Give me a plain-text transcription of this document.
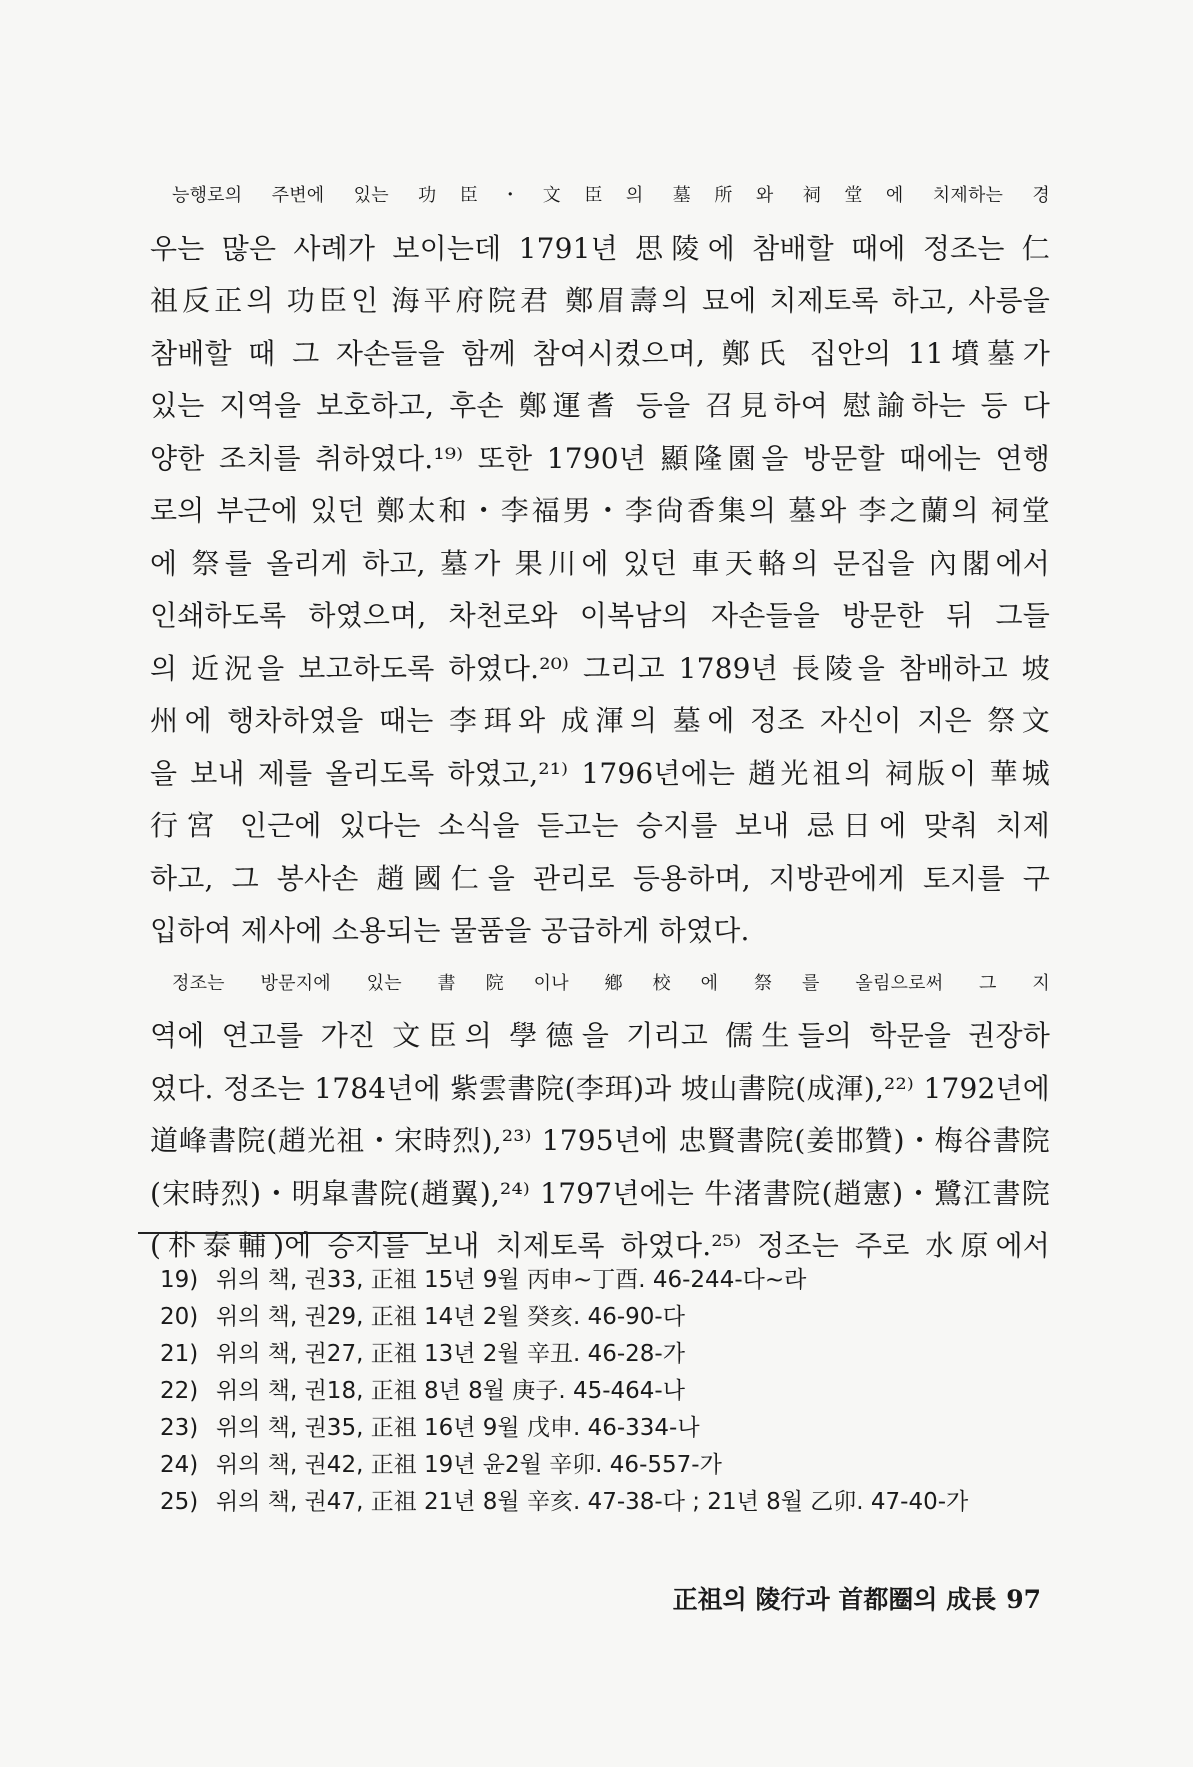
능행로의 주변에 있는 功臣・文臣의 墓所와 祠堂에 치제하는 경

우는 많은 사례가 보이는데 1791년 思陵에 참배할 때에 정조는 仁

祖反正의 功臣인 海平府院君 鄭眉壽의 묘에 치제토록 하고, 사릉을

참배할 때 그 자손들을 함께 참여시켰으며, 鄭氏 집안의 11墳墓가

있는 지역을 보호하고, 후손 鄭運耆 등을 召見하여 慰諭하는 등 다

양한 조치를 취하였다.¹⁹⁾ 또한 1790년 顯隆園을 방문할 때에는 연행

로의 부근에 있던 鄭太和・李福男・李尙香集의 墓와 李之蘭의 祠堂

에 祭를 올리게 하고, 墓가 果川에 있던 車天輅의 문집을 內閣에서

인쇄하도록 하였으며, 차천로와 이복남의 자손들을 방문한 뒤 그들

의 近況을 보고하도록 하였다.²⁰⁾ 그리고 1789년 長陵을 참배하고 坡

州에 행차하였을 때는 李珥와 成渾의 墓에 정조 자신이 지은 祭文

을 보내 제를 올리도록 하였고,²¹⁾ 1796년에는 趙光祖의 祠版이 華城

行宮 인근에 있다는 소식을 듣고는 승지를 보내 忌日에 맞춰 치제

하고, 그 봉사손 趙國仁을 관리로 등용하며, 지방관에게 토지를 구

입하여 제사에 소용되는 물품을 공급하게 하였다.

정조는 방문지에 있는 書院이나 鄕校에 祭를 올림으로써 그 지

역에 연고를 가진 文臣의 學德을 기리고 儒生들의 학문을 권장하

였다. 정조는 1784년에 紫雲書院(李珥)과 坡山書院(成渾),²²⁾ 1792년에

道峰書院(趙光祖・宋時烈),²³⁾ 1795년에 忠賢書院(姜邯贊)・梅谷書院

(宋時烈)・明皐書院(趙翼),²⁴⁾ 1797년에는 牛渚書院(趙憲)・鷺江書院

(朴泰輔)에 승지를 보내 치제토록 하였다.²⁵⁾ 정조는 주로 水原에서

19) 위의 책, 권33, 正祖 15년 9월 丙申~丁酉. 46-244-다~라
20) 위의 책, 권29, 正祖 14년 2월 癸亥. 46-90-다
21) 위의 책, 권27, 正祖 13년 2월 辛丑. 46-28-가
22) 위의 책, 권18, 正祖 8년 8월 庚子. 45-464-나
23) 위의 책, 권35, 正祖 16년 9월 戊申. 46-334-나
24) 위의 책, 권42, 正祖 19년 윤2월 辛卯. 46-557-가
25) 위의 책, 권47, 正祖 21년 8월 辛亥. 47-38-다 ; 21년 8월 乙卯. 47-40-가
正祖의 陵行과 首都圈의 成長 97
